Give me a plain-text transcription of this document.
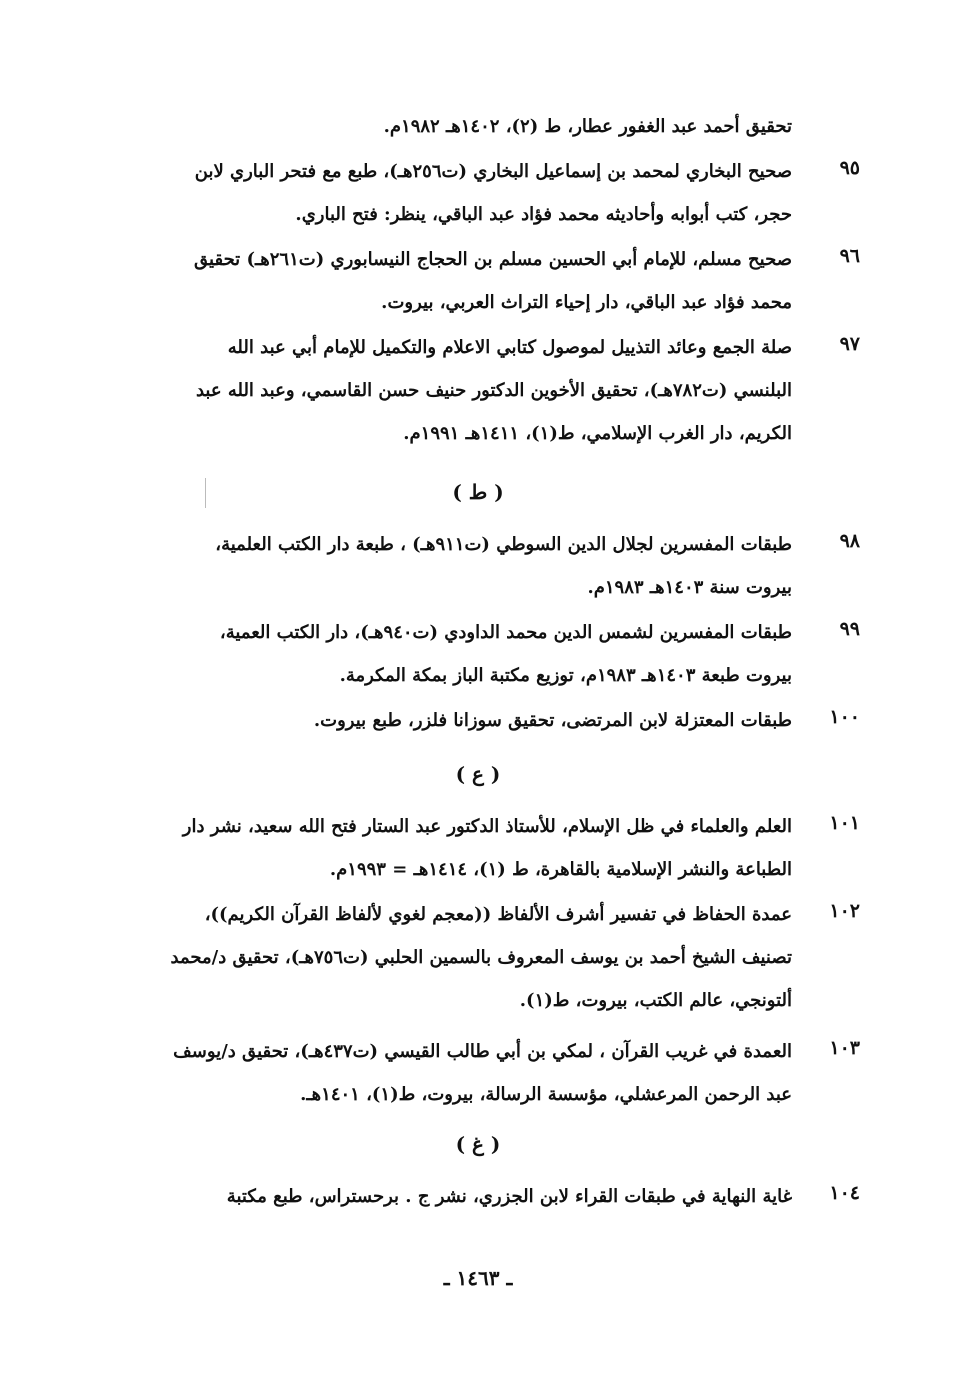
تحقيق أحمد عبد الغفور عطار، ط (٢)، ١٤٠٢هـ ١٩٨٢م.
٩٥
صحيح البخاري لمحمد بن إسماعيل البخاري (ت٢٥٦هـ)، طبع مع فتحر الباري لابن
حجر، كتب أبوابه وأحاديثه محمد فؤاد عبد الباقي، ينظر: فتح الباري.
٩٦
صحيح مسلم، للإمام أبي الحسين مسلم بن الحجاج النيسابوري (ت٢٦١هـ) تحقيق
محمد فؤاد عبد الباقي، دار إحياء التراث العربي، بيروت.
٩٧
صلة الجمع وعائد التذييل لموصول كتابي الاعلام والتكميل للإمام أبي عبد الله
البلنسي (ت٧٨٢هـ)، تحقيق الأخوين الدكتور حنيف حسن القاسمي، وعبد الله عبد
الكريم، دار الغرب الإسلامي، ط(١)، ١٤١١هـ ١٩٩١م.
( ط )
٩٨
طبقات المفسرين لجلال الدين السوطي (ت٩١١هـ) ، طبعة دار الكتب العلمية،
بيروت سنة ١٤٠٣هـ ١٩٨٣م.
٩٩
طبقات المفسرين لشمس الدين محمد الداودي (ت٩٤٠هـ)، دار الكتب العمية،
بيروت طبعة ١٤٠٣هـ ١٩٨٣م، توزيع مكتبة الباز بمكة المكرمة.
١٠٠
طبقات المعتزلة لابن المرتضى، تحقيق سوزانا فلزر، طبع بيروت.
( ع )
١٠١
العلم والعلماء في ظل الإسلام، للأستاذ الدكتور عبد الستار فتح الله سعيد، نشر دار
الطباعة والنشر الإسلامية بالقاهرة، ط (١)، ١٤١٤هـ = ١٩٩٣م.
١٠٢
عمدة الحفاظ في تفسير أشرف الألفاظ ((معجم لغوي لألفاظ القرآن الكريم))،
تصنيف الشيخ أحمد بن يوسف المعروف بالسمين الحلبي (ت٧٥٦هـ)، تحقيق د/محمد
ألتونجي، عالم الكتب، بيروت، ط(١).
١٠٣
العمدة في غريب القرآن ، لمكي بن أبي طالب القيسي (ت٤٣٧هـ)، تحقيق د/يوسف
عبد الرحمن المرعشلي، مؤسسة الرسالة، بيروت، ط(١)، ١٤٠١هـ.
( غ )
١٠٤
غاية النهاية في طبقات القراء لابن الجزري، نشر ج . برحستراس، طبع مكتبة
ـ ١٤٦٣ ـ
